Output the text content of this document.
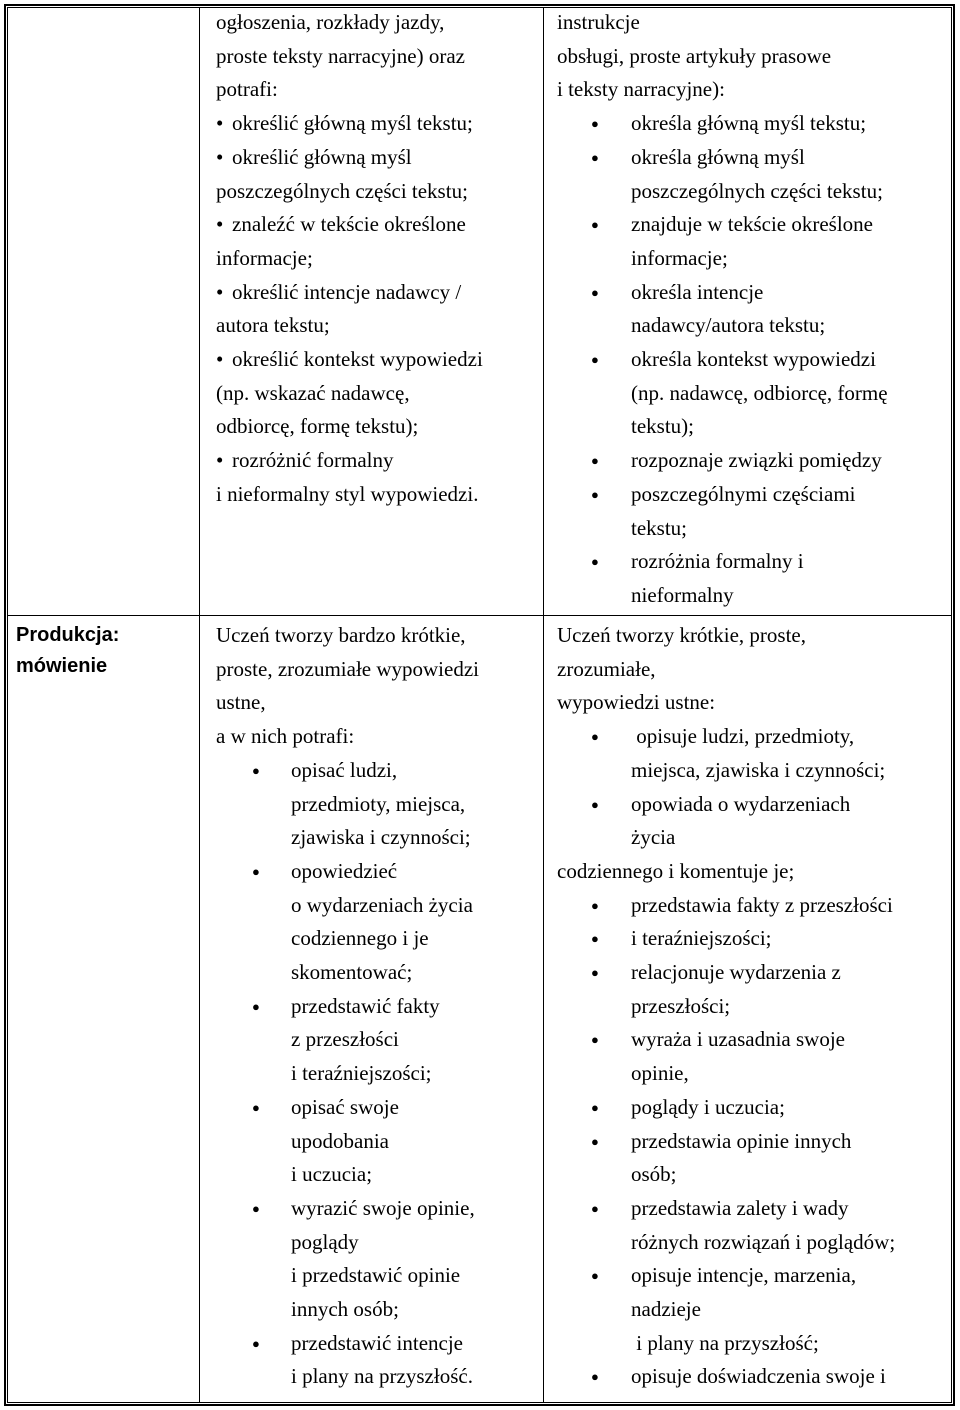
ogłoszenia, rozkłady jazdy,

proste teksty narracyjne) oraz

potrafi:

• określić główną myśl tekstu;
• określić główną myśl

poszczególnych części tekstu;

• znaleźć w tekście określone

informacje;

• określić intencje nadawcy /

autora tekstu;

• określić kontekst wypowiedzi

(np. wskazać nadawcę,

odbiorcę, formę tekstu);

• rozróżnić formalny

i nieformalny styl wypowiedzi.

instrukcje

obsługi, proste artykuły prasowe

i teksty narracyjne):

● określa główną myśl tekstu;
● określa główną myśl
poszczególnych części tekstu;
● znajduje w tekście określone
informacje;
● określa intencje
nadawcy/autora tekstu;
● określa kontekst wypowiedzi
(np. nadawcę, odbiorcę, formę
tekstu);
● rozpoznaje związki pomiędzy
● poszczególnymi częściami
tekstu;
● rozróżnia formalny i
nieformalny

Produkcja:

mówienie

Uczeń tworzy bardzo krótkie,

proste, zrozumiałe wypowiedzi

ustne,

a w nich potrafi:

● opisać ludzi,
przedmioty, miejsca,
zjawiska i czynności;
● opowiedzieć
o wydarzeniach życia
codziennego i je
skomentować;
● przedstawić fakty
z przeszłości
i teraźniejszości;
● opisać swoje
upodobania
i uczucia;
● wyrazić swoje opinie,
poglądy
i przedstawić opinie
innych osób;
● przedstawić intencje
i plany na przyszłość.

Uczeń tworzy krótkie, proste,

zrozumiałe,

wypowiedzi ustne:

●  opisuje ludzi, przedmioty,
miejsca, zjawiska i czynności;
● opowiada o wydarzeniach
życia

codziennego i komentuje je;

● przedstawia fakty z przeszłości
● i teraźniejszości;
● relacjonuje wydarzenia z
przeszłości;
● wyraża i uzasadnia swoje
opinie,
● poglądy i uczucia;
● przedstawia opinie innych
osób;
● przedstawia zalety i wady
różnych rozwiązań i poglądów;
● opisuje intencje, marzenia,
nadzieje
i plany na przyszłość;
● opisuje doświadczenia swoje i
